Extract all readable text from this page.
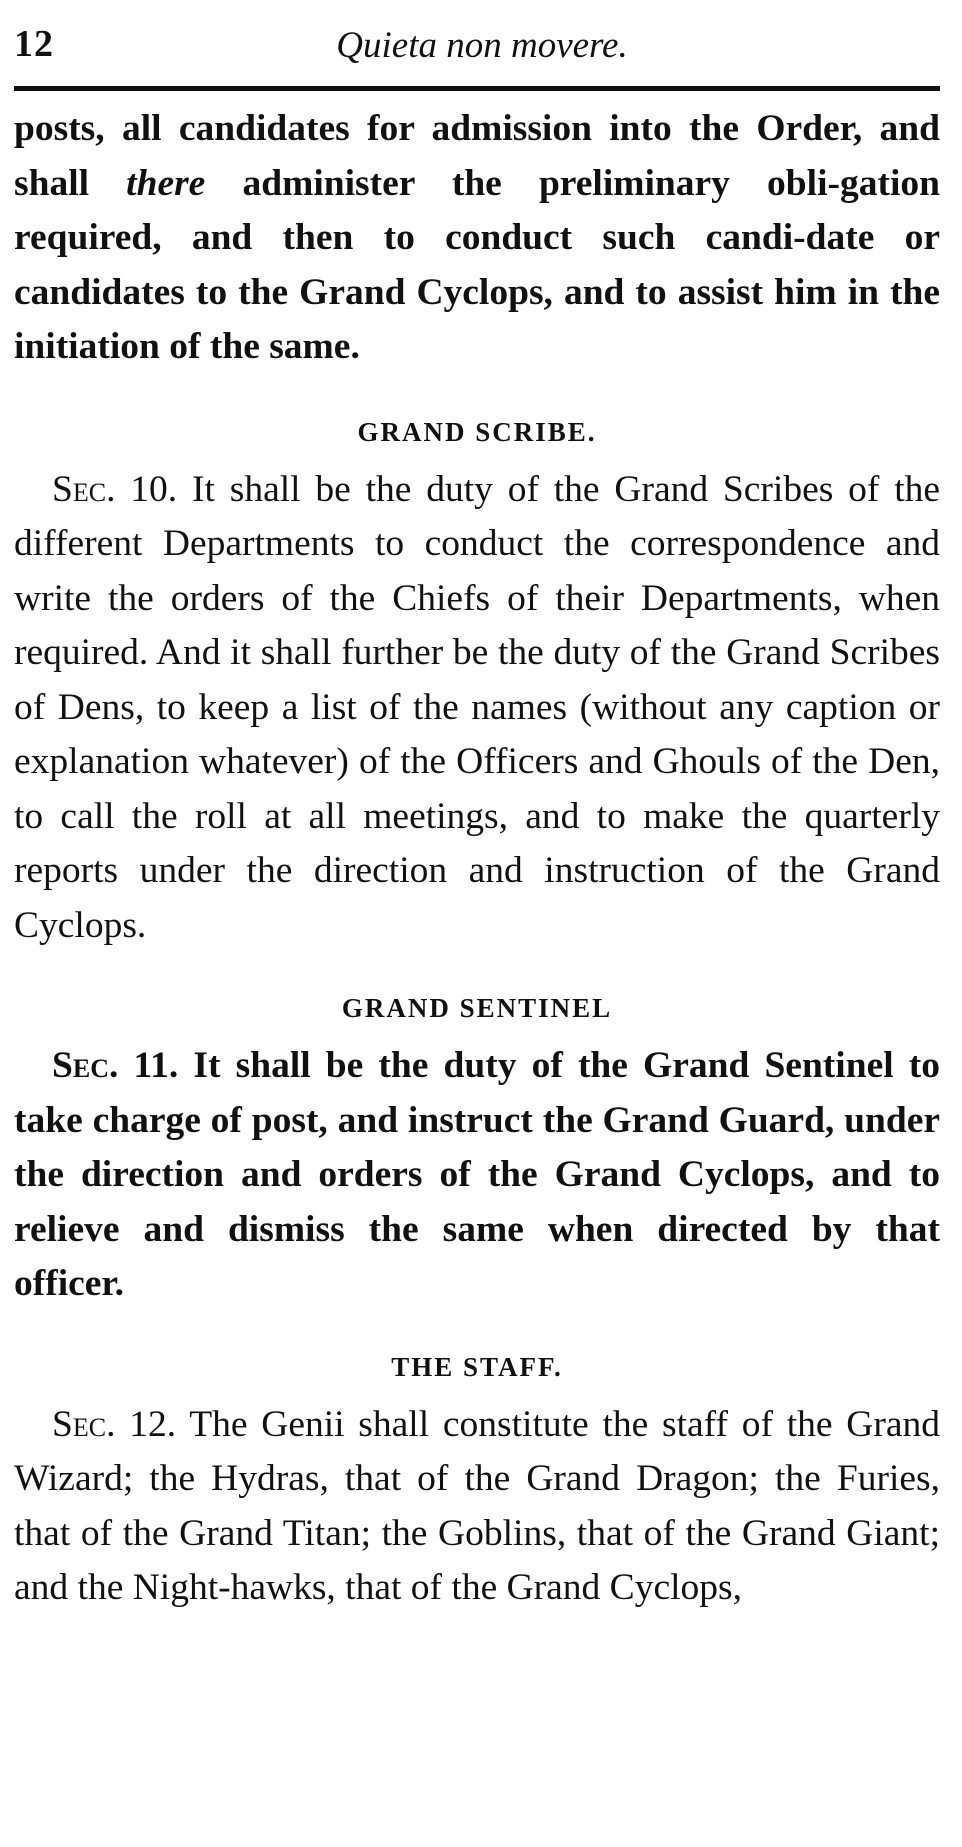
12	Quieta non movere.

posts, all candidates for admission into the Order, and shall there administer the preliminary obli-gation required, and then to conduct such candi-date or candidates to the Grand Cyclops, and to assist him in the initiation of the same.

GRAND SCRIBE.

Sec. 10. It shall be the duty of the Grand Scribes of the different Departments to conduct the correspondence and write the orders of the Chiefs of their Departments, when required. And it shall further be the duty of the Grand Scribes of Dens, to keep a list of the names (without any caption or explanation whatever) of the Officers and Ghouls of the Den, to call the roll at all meetings, and to make the quarterly reports under the direction and instruction of the Grand Cyclops.

GRAND SENTINEL

Sec. 11. It shall be the duty of the Grand Sentinel to take charge of post, and instruct the Grand Guard, under the direction and orders of the Grand Cyclops, and to relieve and dismiss the same when directed by that officer.

THE STAFF.

Sec. 12. The Genii shall constitute the staff of the Grand Wizard; the Hydras, that of the Grand Dragon; the Furies, that of the Grand Titan; the Goblins, that of the Grand Giant; and the Night-hawks, that of the Grand Cyclops,
